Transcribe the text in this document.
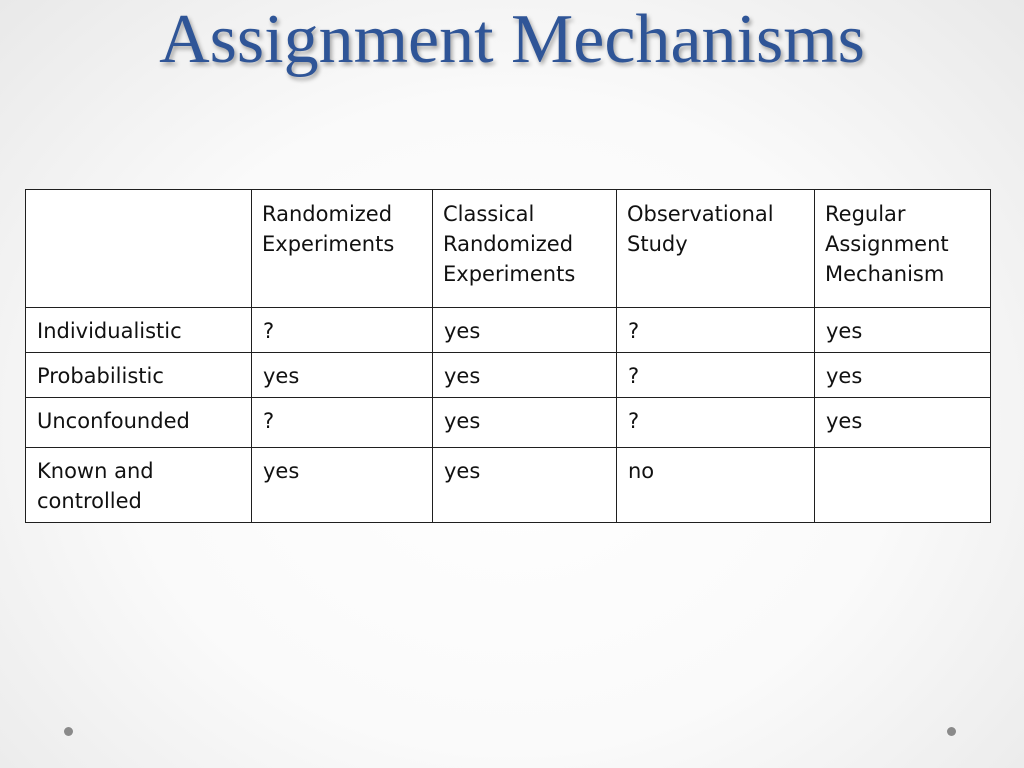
Assignment Mechanisms
	Randomized Experiments	Classical Randomized Experiments	Observational Study	Regular Assignment Mechanism
Individualistic	?	yes	?	yes
Probabilistic	yes	yes	?	yes
Unconfounded	?	yes	?	yes
Known and controlled	yes	yes	no	
